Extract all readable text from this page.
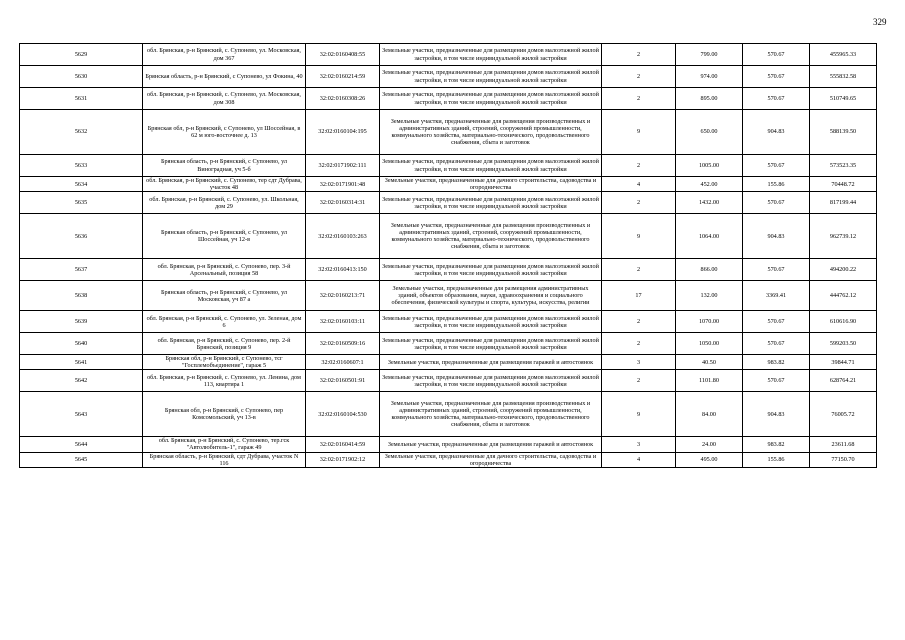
329
5629	обл. Брянская, р-н Брянский, с. Супонево, ул. Московская, дом 367	32:02:0160408:55	Земельные участки, предназначенные для размещения домов малоэтажной жилой застройки, в том числе индивидуальной жилой застройки	2	799.00	570.67	455965.33
5630	Брянская область, р-н Брянский, с Супонево, ул Фокина, 40	32:02:0160214:59	Земельные участки, предназначенные для размещения домов малоэтажной жилой застройки, в том числе индивидуальной жилой застройки	2	974.00	570.67	555832.58
5631	обл. Брянская, р-н Брянский, с. Супонево, ул. Московская, дом 308	32:02:0160308:26	Земельные участки, предназначенные для размещения домов малоэтажной жилой застройки, в том числе индивидуальной жилой застройки	2	895.00	570.67	510749.65
5632	Брянская обл, р-н Брянский, с Супонево, ул Шоссейная, в 62 м юго-восточнее д. 13	32:02:0160104:195	Земельные участки, предназначенные для размещения производственных и административных зданий, строений, сооружений промышленности, коммунального хозяйства, материально-технического, продовольственного снабжения, сбыта и заготовок	9	650.00	904.83	588139.50
5633	Брянская область, р-н Брянский, с Супонево, ул Виноградная, уч 5-б	32:02:0171902:111	Земельные участки, предназначенные для размещения домов малоэтажной жилой застройки, в том числе индивидуальной жилой застройки	2	1005.00	570.67	573523.35
5634	обл. Брянская, р-н Брянский, с. Супонево, тер сдт Дубрава, участок 48	32:02:0171901:48	Земельные участки, предназначенные для дачного строительства, садоводства и огородничества	4	452.00	155.86	70448.72
5635	обл. Брянская, р-н Брянский, с. Супонево, ул. Школьная, дом 29	32:02:0160314:31	Земельные участки, предназначенные для размещения домов малоэтажной жилой застройки, в том числе индивидуальной жилой застройки	2	1432.00	570.67	817199.44
5636	Брянская область, р-н Брянский, с Супонево, ул Шоссейная, уч 12-в	32:02:0160103:263	Земельные участки, предназначенные для размещения производственных и административных зданий, строений, сооружений промышленности, коммунального хозяйства, материально-технического, продовольственного снабжения, сбыта и заготовок	9	1064.00	904.83	962739.12
5637	обл. Брянская, р-н Брянский, с. Супонево, пер. 3-й Арсенальный, позиция 58	32:02:0160413:150	Земельные участки, предназначенные для размещения домов малоэтажной жилой застройки, в том числе индивидуальной жилой застройки	2	866.00	570.67	494200.22
5638	Брянская область, р-н Брянский, с Супонево, ул Московская, уч 87 а	32:02:0160213:71	Земельные участки, предназначенные для размещения административных зданий, объектов образования, науки, здравоохранения и социального обеспечения, физической культуры и спорта, культуры, искусства, религии	17	132.00	3369.41	444762.12
5639	обл. Брянская, р-н Брянский, с. Супонево, ул. Зеленая, дом 6	32:02:0160103:11	Земельные участки, предназначенные для размещения домов малоэтажной жилой застройки, в том числе индивидуальной жилой застройки	2	1070.00	570.67	610616.90
5640	обл. Брянская, р-н Брянский, с. Супонево, пер. 2-й Брянский, позиция 9	32:02:0160509:16	Земельные участки, предназначенные для размещения домов малоэтажной жилой застройки, в том числе индивидуальной жилой застройки	2	1050.00	570.67	599203.50
5641	Брянская обл, р-н Брянский, с Супонево, тсг "Госплемобъединение", гараж 5	32:02:0160607:1	Земельные участки, предназначенные для размещения гаражей и автостоянок	3	40.50	983.82	39844.71
5642	обл. Брянская, р-н Брянский, с. Супонево, ул. Ленина, дом 113, квартира 1	32:02:0160501:91	Земельные участки, предназначенные для размещения домов малоэтажной жилой застройки, в том числе индивидуальной жилой застройки	2	1101.80	570.67	628764.21
5643	Брянская обл, р-н Брянский, с Супонево, пер Комсомольский, уч 13-в	32:02:0160104:530	Земельные участки, предназначенные для размещения производственных и административных зданий, строений, сооружений промышленности, коммунального хозяйства, материально-технического, продовольственного снабжения, сбыта и заготовок	9	84.00	904.83	76005.72
5644	обл. Брянская, р-н Брянский, с. Супонево, тер.гск "Автолюбитель-1", гараж 49	32:02:0160414:59	Земельные участки, предназначенные для размещения гаражей и автостоянок	3	24.00	983.82	23611.68
5645	Брянская область, р-н Брянский, сдт Дубрава, участок N 116	32:02:0171902:12	Земельные участки, предназначенные для дачного строительства, садоводства и огородничества	4	495.00	155.86	77150.70
